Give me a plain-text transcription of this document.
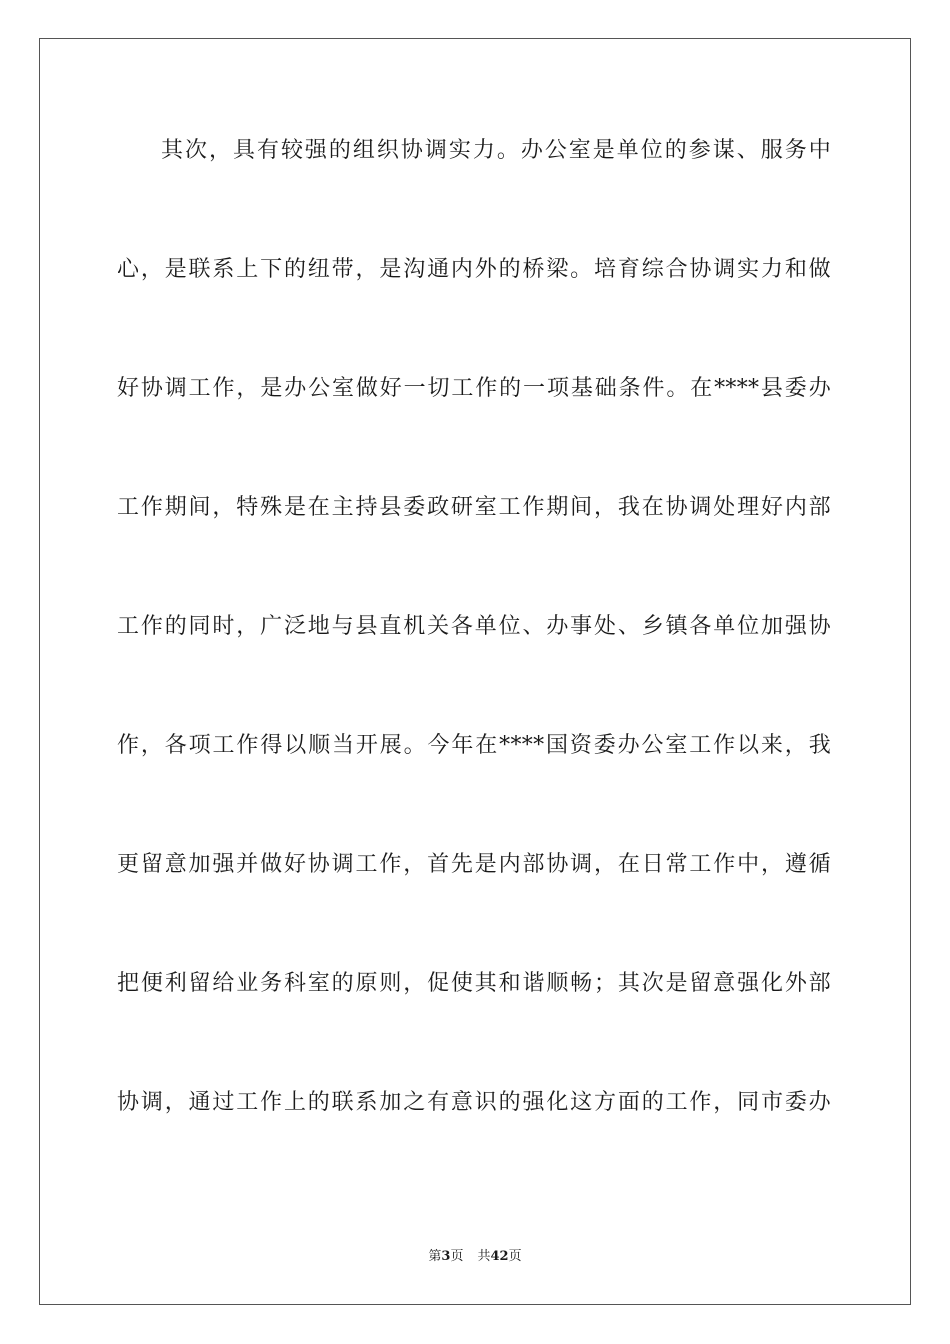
其次，具有较强的组织协调实力。办公室是单位的参谋、服务中
心，是联系上下的纽带，是沟通内外的桥梁。培育综合协调实力和做
好协调工作，是办公室做好一切工作的一项基础条件。在****县委办
工作期间，特殊是在主持县委政研室工作期间，我在协调处理好内部
工作的同时，广泛地与县直机关各单位、办事处、乡镇各单位加强协
作，各项工作得以顺当开展。今年在****国资委办公室工作以来，我
更留意加强并做好协调工作，首先是内部协调，在日常工作中，遵循
把便利留给业务科室的原则，促使其和谐顺畅；其次是留意强化外部
协调，通过工作上的联系加之有意识的强化这方面的工作，同市委办
第3页 共42页
